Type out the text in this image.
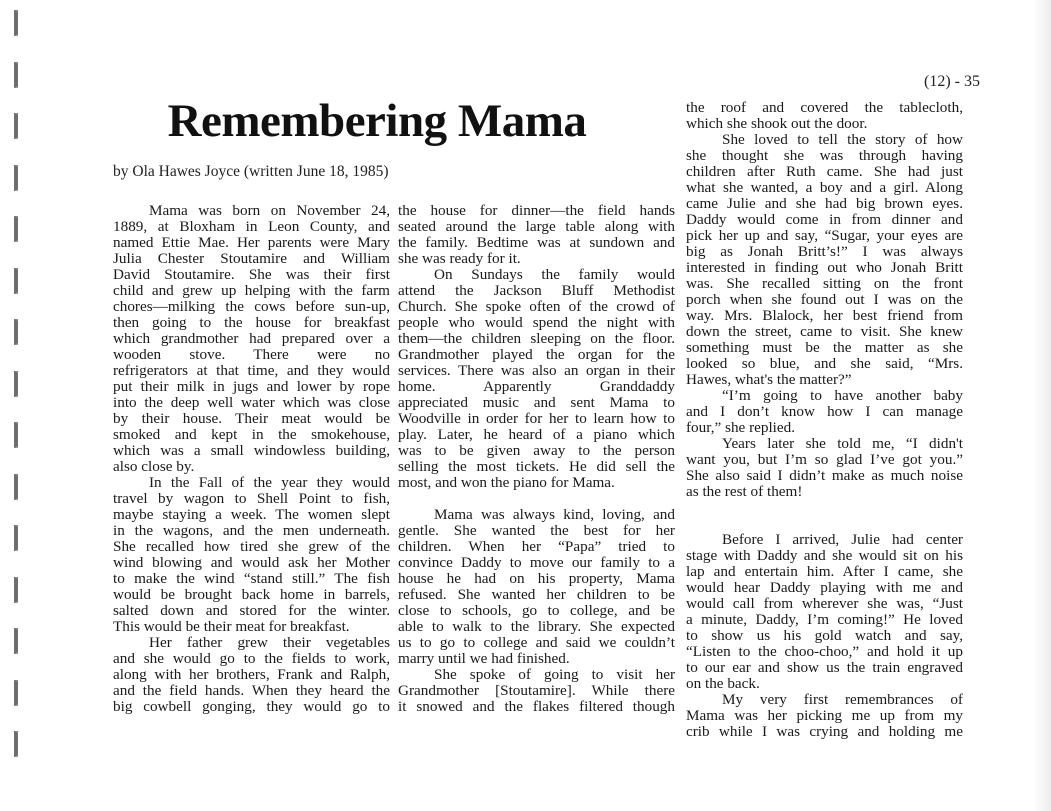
(12) - 35
Remembering Mama
by Ola Hawes Joyce (written June 18, 1985)
Mama was born on November 24,
1889, at Bloxham in Leon County, and
named Ettie Mae. Her parents were Mary
Julia Chester Stoutamire and William
David Stoutamire. She was their first
child and grew up helping with the farm
chores—milking the cows before sun-up,
then going to the house for breakfast
which grandmother had prepared over a
wooden stove. There were no
refrigerators at that time, and they would
put their milk in jugs and lower by rope
into the deep well water which was close
by their house. Their meat would be
smoked and kept in the smokehouse,
which was a small windowless building,
also close by.
In the Fall of the year they would
travel by wagon to Shell Point to fish,
maybe staying a week. The women slept
in the wagons, and the men underneath.
She recalled how tired she grew of the
wind blowing and would ask her Mother
to make the wind “stand still.” The fish
would be brought back home in barrels,
salted down and stored for the winter.
This would be their meat for breakfast.
Her father grew their vegetables
and she would go to the fields to work,
along with her brothers, Frank and Ralph,
and the field hands. When they heard the
big cowbell gonging, they would go to
the house for dinner—the field hands
seated around the large table along with
the family. Bedtime was at sundown and
she was ready for it.
On Sundays the family would
attend the Jackson Bluff Methodist
Church. She spoke often of the crowd of
people who would spend the night with
them—the children sleeping on the floor.
Grandmother played the organ for the
services. There was also an organ in their
home. Apparently Granddaddy
appreciated music and sent Mama to
Woodville in order for her to learn how to
play. Later, he heard of a piano which
was to be given away to the person
selling the most tickets. He did sell the
most, and won the piano for Mama.
Mama was always kind, loving, and
gentle. She wanted the best for her
children. When her “Papa” tried to
convince Daddy to move our family to a
house he had on his property, Mama
refused. She wanted her children to be
close to schools, go to college, and be
able to walk to the library. She expected
us to go to college and said we couldn’t
marry until we had finished.
She spoke of going to visit her
Grandmother [Stoutamire]. While there
it snowed and the flakes filtered though
the roof and covered the tablecloth,
which she shook out the door.
She loved to tell the story of how
she thought she was through having
children after Ruth came. She had just
what she wanted, a boy and a girl. Along
came Julie and she had big brown eyes.
Daddy would come in from dinner and
pick her up and say, “Sugar, your eyes are
big as Jonah Britt’s!” I was always
interested in finding out who Jonah Britt
was. She recalled sitting on the front
porch when she found out I was on the
way. Mrs. Blalock, her best friend from
down the street, came to visit. She knew
something must be the matter as she
looked so blue, and she said, “Mrs.
Hawes, what's the matter?”
“I’m going to have another baby
and I don’t know how I can manage
four,” she replied.
Years later she told me, “I didn't
want you, but I’m so glad I’ve got you.”
She also said I didn’t make as much noise
as the rest of them!
Before I arrived, Julie had center
stage with Daddy and she would sit on his
lap and entertain him. After I came, she
would hear Daddy playing with me and
would call from wherever she was, “Just
a minute, Daddy, I’m coming!” He loved
to show us his gold watch and say,
“Listen to the choo-choo,” and hold it up
to our ear and show us the train engraved
on the back.
My very first remembrances of
Mama was her picking me up from my
crib while I was crying and holding me
